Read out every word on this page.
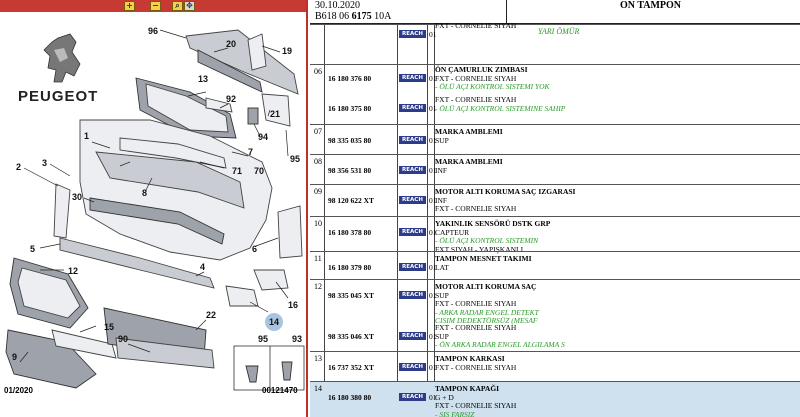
+ −	⌕ ✥
96
20
19
13
92
21
94
95
1
7
70
71
8
2 3
30
6
5
12	4
16
14
15
22
9
90	95	93
PEUGEOT
01/2020	00121470
30.10.2020
B618 06 6175 10A
ON TAMPON
YARI ÖMÜR
REACH 01
FXT - CORNELIE SIYAH
06
16 180 376 80	REACH 01
ÖN ÇAMURLUK ZIMBASI
FXT - CORNELIE SIYAH
- ÖLÜ AÇI KONTROL SISTEMI YOK
16 180 375 80	REACH 01
FXT - CORNELIE SIYAH
- ÖLÜ AÇI KONTROL SISTEMINE SAHIP
07
98 335 035 80	REACH 01
MARKA AMBLEMI
SUP
08
98 356 531 80	REACH 01
MARKA AMBLEMI
INF
09
98 120 622 XT	REACH 01
MOTOR ALTI KORUMA SAÇ IZGARASI
INF
FXT - CORNELIE SIYAH
10
16 180 378 80	REACH 01
YAKINLIK SENSÖRÜ DSTK GRP
CAPTEUR
- ÖLÜ AÇI KONTROL SISTEMIN
FXT SIYAH - YAPIŞKANLI
11
16 180 379 80	REACH 01
TAMPON MESNET TAKIMI
LAT
12
98 335 045 XT	REACH 01
MOTOR ALTI KORUMA SAÇ
SUP
FXT - CORNELIE SIYAH
- ARKA RADAR ENGEL DETEKT
CISIM DEDEKTÖRSÜZ (MESAF
98 335 046 XT	REACH 01
FXT - CORNELIE SIYAH
SUP
- ÖN ARKA RADAR ENGEL ALGILAMA S
13
16 737 352 XT	REACH 01
TAMPON KARKASI
FXT - CORNELIE SIYAH
14
16 180 380 80	REACH 01
TAMPON KAPAĞI
G + D
FXT - CORNELIE SIYAH
- SIS FARSIZ
